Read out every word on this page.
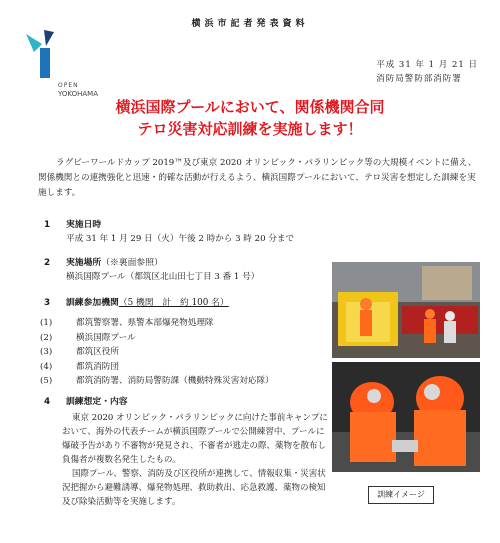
横浜市記者発表資料
OPEN
YOKOHAMA
平成 31 年 1 月 21 日
消防局警防部消防署
横浜国際プールにおいて、関係機関合同
テロ災害対応訓練を実施します！
ラグビーワールドカップ 2019™及び東京 2020 オリンピック・パラリンピック等の大規模イベントに備え、関係機関との連携強化と迅速・的確な活動が行えるよう、横浜国際プールにおいて、テロ災害を想定した訓練を実施します。
1 実施日時
平成 31 年 1 月 29 日（火）午後 2 時から 3 時 20 分まで
2 実施場所（※裏面参照）
横浜国際プール（都筑区北山田七丁目 3 番 1 号）
3 訓練参加機関（5 機関　計　約 100 名）
(1)	都筑警察署、県警本部爆発物処理隊
(2)	横浜国際プール
(3)	都筑区役所
(4)	都筑消防団
(5)	都筑消防署、消防局警防課（機動特殊災害対応隊）
4 訓練想定・内容

東京 2020 オリンピック・パラリンピックに向けた事前キャンプにおいて、海外の代表チームが横浜国際プールで公開練習中、プールに爆破予告があり不審物が発見され、不審者が逃走の際、薬物を散布し負傷者が複数名発生したもの。

国際プール、警察、消防及び区役所が連携して、情報収集・災害状況把握から避難誘導、爆発物処理、救助救出、応急救護、薬物の検知及び除染活動等を実施します。

訓練イメージ
